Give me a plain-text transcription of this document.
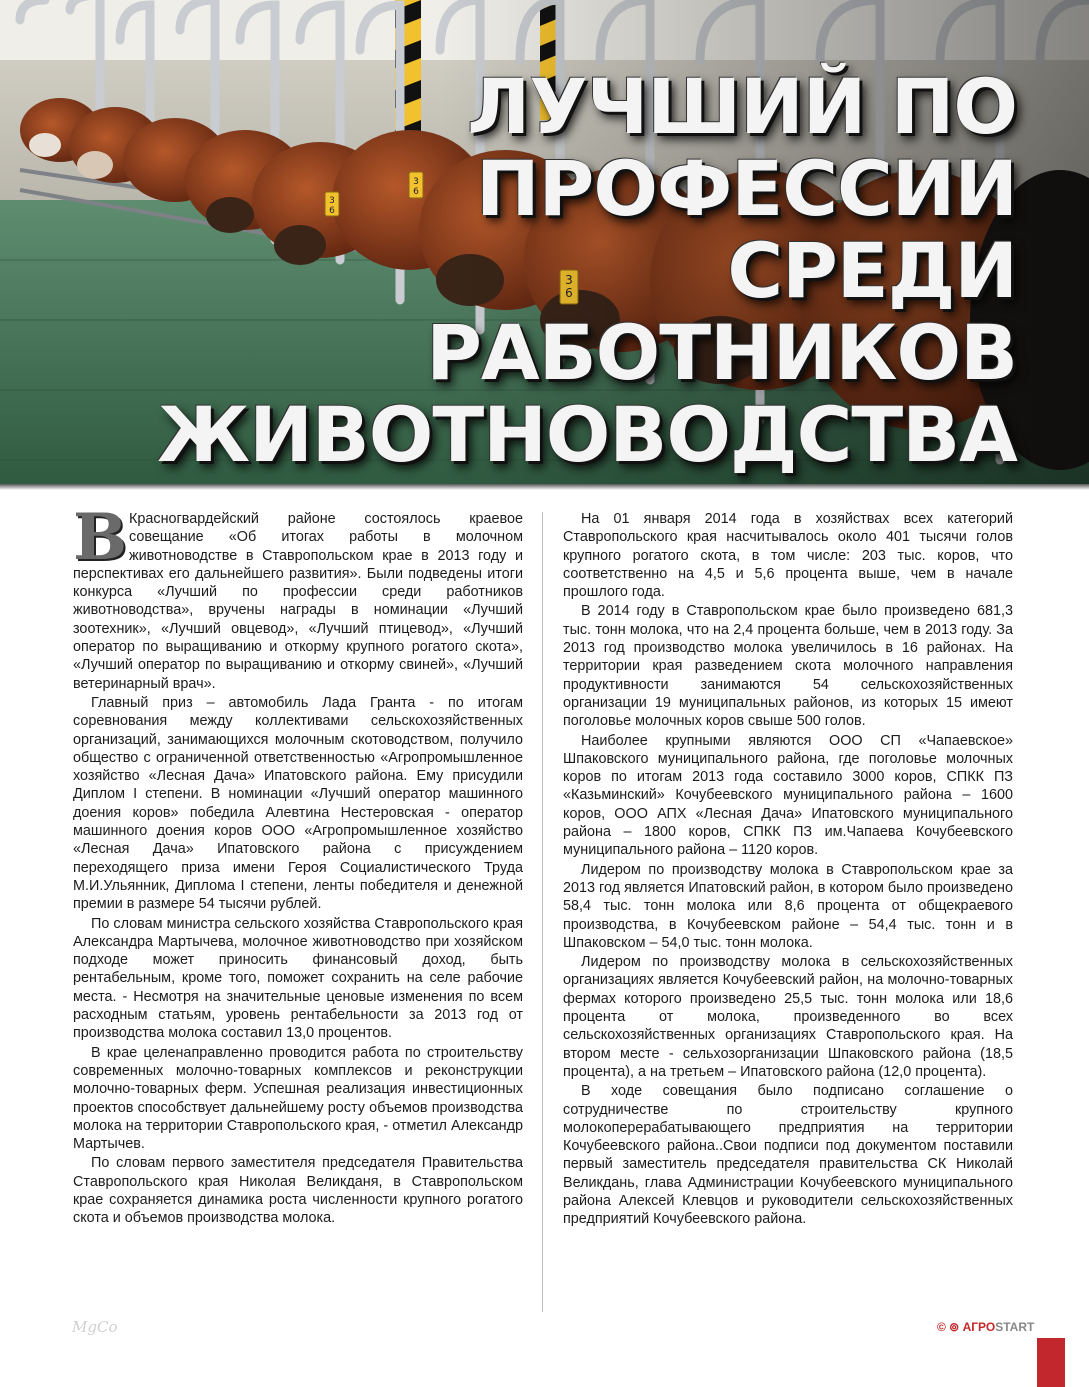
3
6
3
6
3
6
ЛУЧШИЙ ПО
ПРОФЕССИИ
СРЕДИ
РАБОТНИКОВ
ЖИВОТНОВОДСТВА

В Красногвардейский районе состоялось краевое совещание «Об итогах работы в молочном животноводстве в Ставропольском крае в 2013 году и перспективах его дальнейшего развития». Были подведены итоги конкурса «Лучший по профессии среди работников животноводства», вручены награды в номинации «Лучший зоотехник», «Лучший овцевод», «Лучший птицевод», «Лучший оператор по выращиванию и откорму крупного рогатого скота», «Лучший оператор по выращиванию и откорму свиней», «Лучший ветеринарный врач».

Главный приз – автомобиль Лада Гранта - по итогам соревнования между коллективами сельскохозяйственных организаций, занимающихся молочным скотоводством, получило общество с ограниченной ответственностью «Агропромышленное хозяйство «Лесная Дача» Ипатовского района. Ему присудили Диплом I степени. В номинации «Лучший оператор машинного доения коров» победила Алевтина Нестеровская - оператор машинного доения коров ООО «Агропромышленное хозяйство «Лесная Дача» Ипатовского района с присуждением переходящего приза имени Героя Социалистического Труда М.И.Ульянник, Диплома I степени, ленты победителя и денежной премии в размере 54 тысячи рублей.

По словам министра сельского хозяйства Ставропольского края Александра Мартычева, молочное животноводство при хозяйском подходе может приносить финансовый доход, быть рентабельным, кроме того, поможет сохранить на селе рабочие места. - Несмотря на значительные ценовые изменения по всем расходным статьям, уровень рентабельности за 2013 год от производства молока составил 13,0 процентов.

В крае целенаправленно проводится работа по строительству современных молочно-товарных комплексов и реконструкции молочно-товарных ферм. Успешная реализация инвестиционных проектов способствует дальнейшему росту объемов производства молока на территории Ставропольского края, - отметил Александр Мартычев.

По словам первого заместителя председателя Правительства Ставропольского края Николая Великданя, в Ставропольском крае сохраняется динамика роста численности крупного рогатого скота и объемов производства молока.

На 01 января 2014 года в хозяйствах всех категорий Ставропольского края насчитывалось около 401 тысячи голов крупного рогатого скота, в том числе: 203 тыс. коров, что соответственно на 4,5 и 5,6 процента выше, чем в начале прошлого года.

В 2014 году в Ставропольском крае было произведено 681,3 тыс. тонн молока, что на 2,4 процента больше, чем в 2013 году. За 2013 год производство молока увеличилось в 16 районах. На территории края разведением скота молочного направления продуктивности занимаются 54 сельскохозяйственных организации 19 муниципальных районов, из которых 15 имеют поголовье молочных коров свыше 500 голов.

Наиболее крупными являются ООО СП «Чапаевское» Шпаковского муниципального района, где поголовье молочных коров по итогам 2013 года составило 3000 коров, СПКК ПЗ «Казьминский» Кочубеевского муниципального района – 1600 коров, ООО АПХ «Лесная Дача» Ипатовского муниципального района – 1800 коров, СПКК ПЗ им.Чапаева Кочубеевского муниципального района – 1120 коров.

Лидером по производству молока в Ставропольском крае за 2013 год является Ипатовский район, в котором было произведено 58,4 тыс. тонн молока или 8,6 процента от общекраевого производства, в Кочубеевском районе – 54,4 тыс. тонн и в Шпаковском – 54,0 тыс. тонн молока.

Лидером по производству молока в сельскохозяйственных организациях является Кочубеевский район, на молочно-товарных фермах которого произведено 25,5 тыс. тонн молока или 18,6 процента от молока, произведенного во всех сельскохозяйственных организациях Ставропольского края. На втором месте - сельхозорганизации Шпаковского района (18,5 процента), а на третьем – Ипатовского района (12,0 процента).

В ходе совещания было подписано соглашение о сотрудничестве по строительству крупного молокоперерабатывающего предприятия на территории Кочубеевского района..Свои подписи под документом поставили первый заместитель председателя правительства СК Николай Великдань, глава Администрации Кочубеевского муниципального района Алексей Клевцов и руководители сельскохозяйственных предприятий Кочубеевского района.

МgСо	© ⊚ АГРОSTART
